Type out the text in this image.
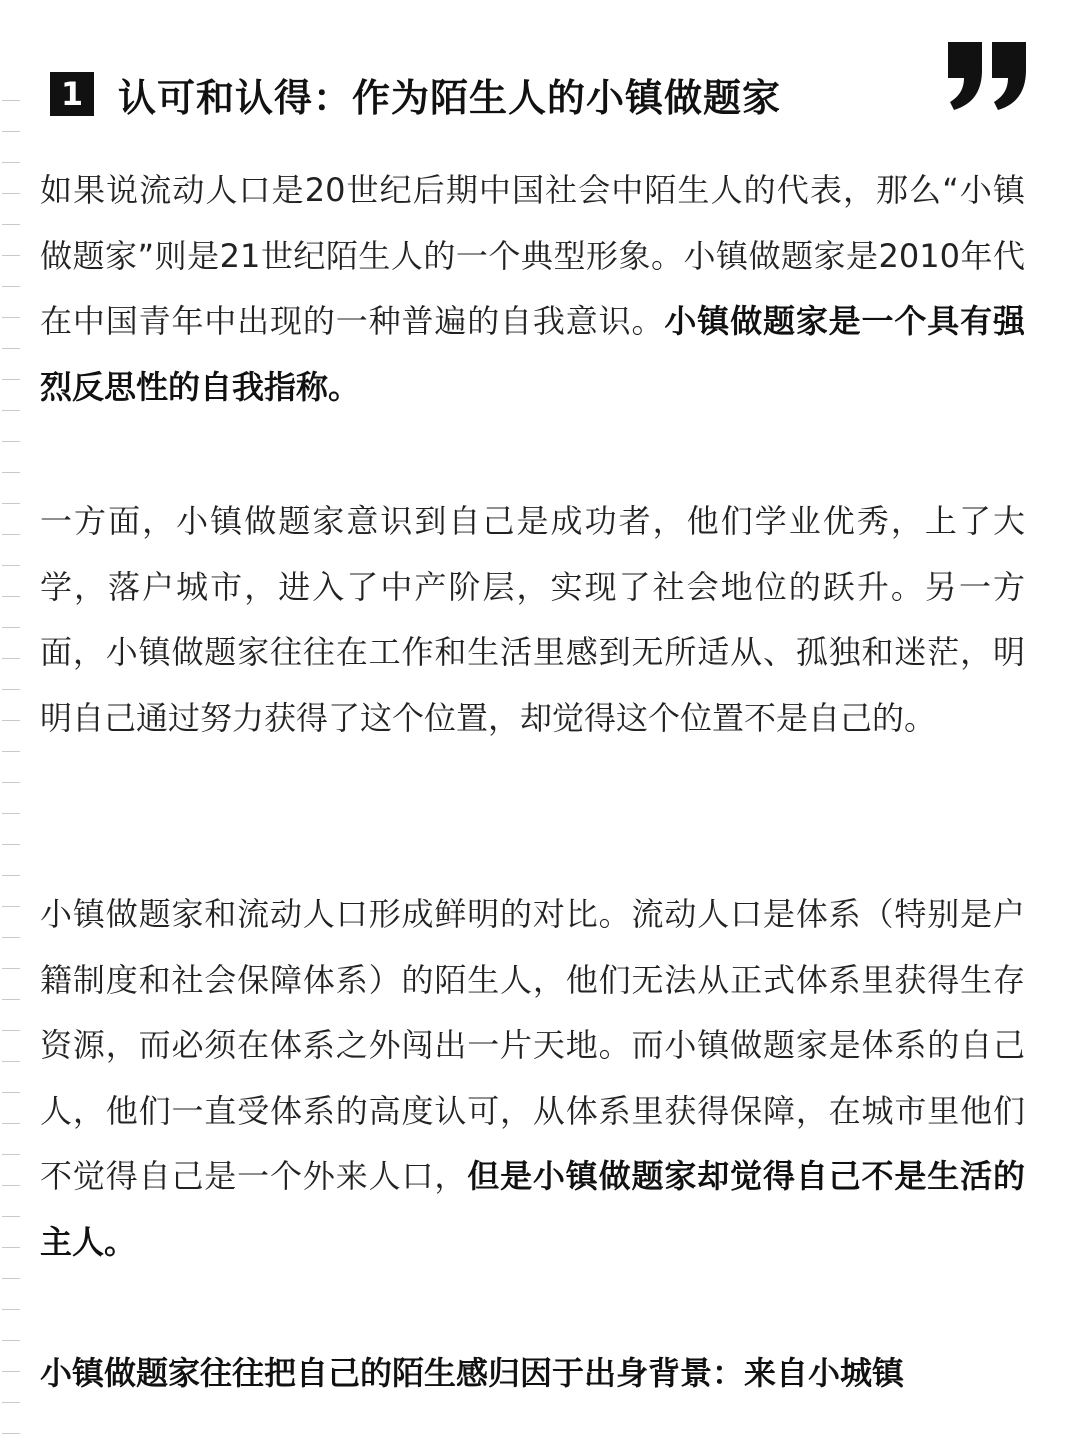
1 认可和认得：作为陌生人的小镇做题家

如果说流动人口是20世纪后期中国社会中陌生人的代表，那么“小镇做题家”则是21世纪陌生人的一个典型形象。小镇做题家是2010年代在中国青年中出现的一种普遍的自我意识。小镇做题家是一个具有强烈反思性的自我指称。

一方面，小镇做题家意识到自己是成功者，他们学业优秀，上了大学，落户城市，进入了中产阶层，实现了社会地位的跃升。另一方面，小镇做题家往往在工作和生活里感到无所适从、孤独和迷茫，明明自己通过努力获得了这个位置，却觉得这个位置不是自己的。

小镇做题家和流动人口形成鲜明的对比。流动人口是体系（特别是户籍制度和社会保障体系）的陌生人，他们无法从正式体系里获得生存资源，而必须在体系之外闯出一片天地。而小镇做题家是体系的自己人，他们一直受体系的高度认可，从体系里获得保障，在城市里他们不觉得自己是一个外来人口，但是小镇做题家却觉得自己不是生活的主人。

小镇做题家往往把自己的陌生感归因于出身背景：来自小城镇
